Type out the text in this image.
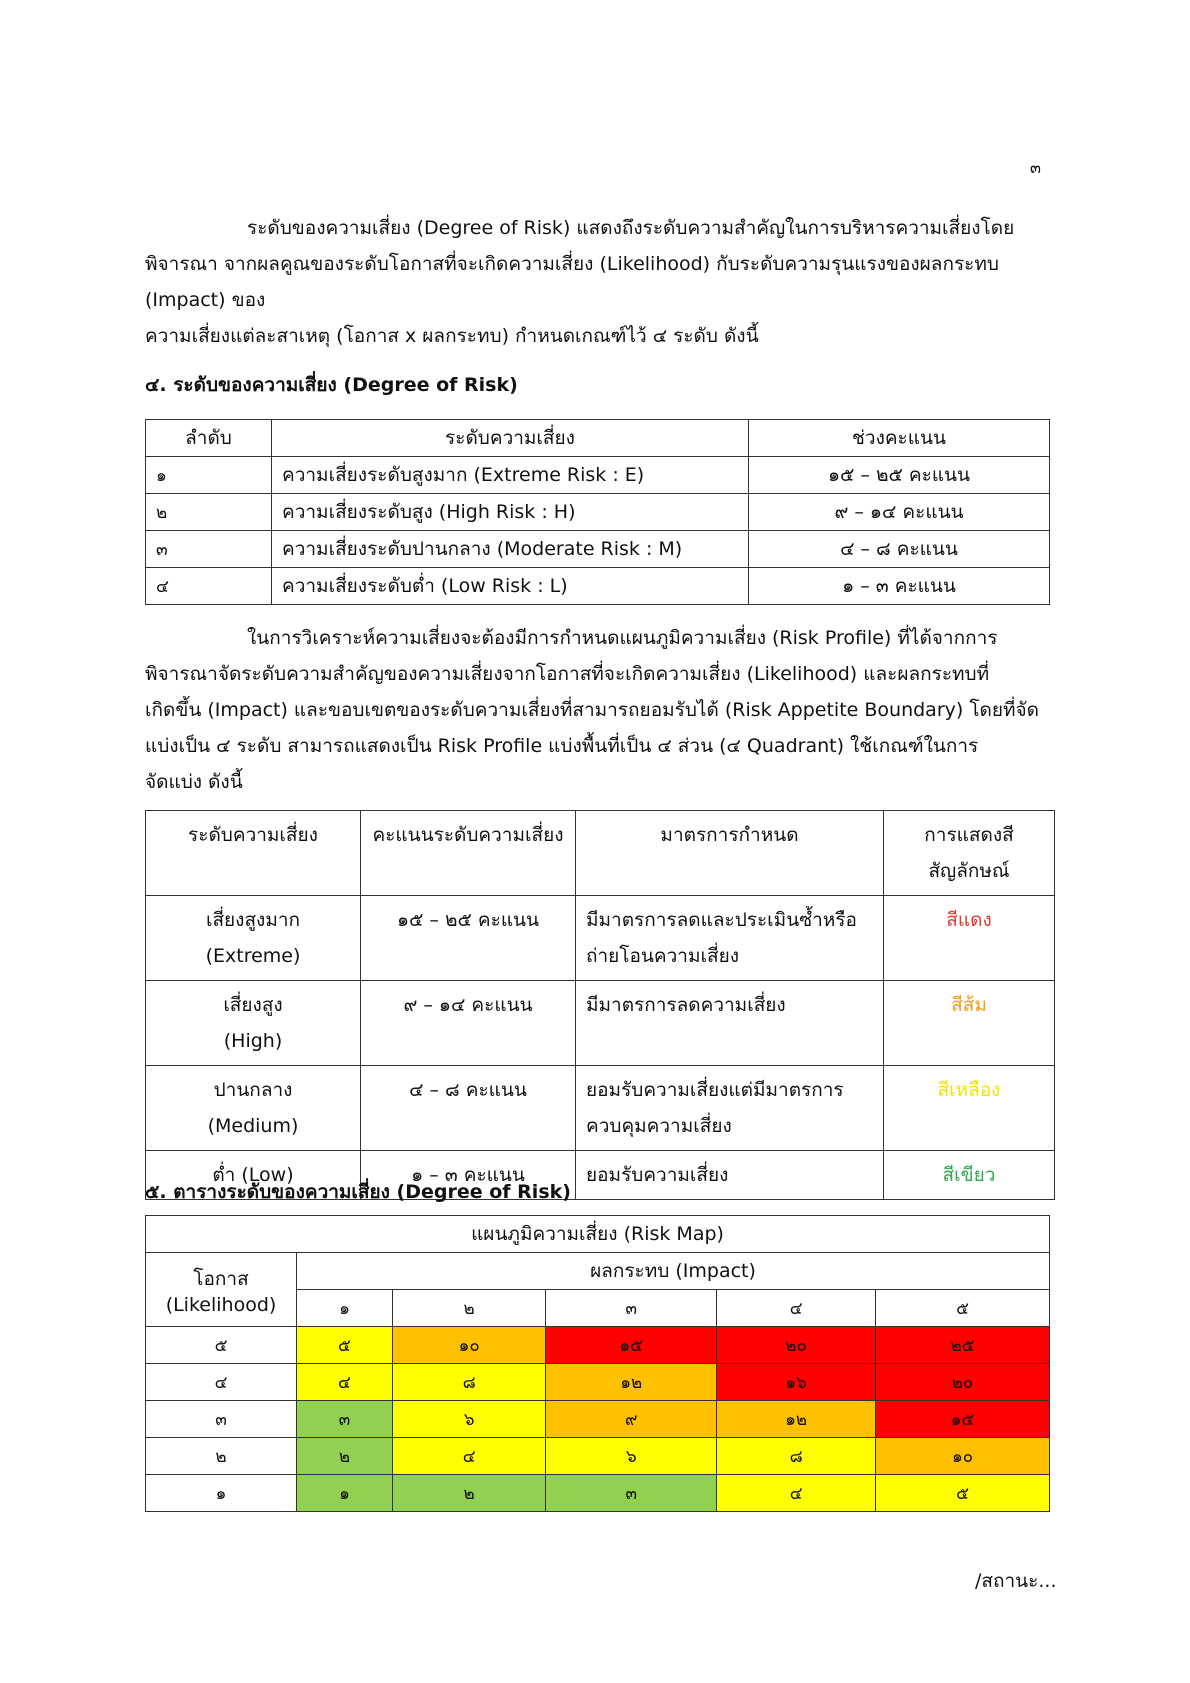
๓

ระดับของความเสี่ยง (Degree of Risk) แสดงถึงระดับความสำคัญในการบริหารความเสี่ยงโดย
พิจารณา จากผลคูณของระดับโอกาสที่จะเกิดความเสี่ยง (Likelihood) กับระดับความรุนแรงของผลกระทบ
(Impact) ของ
ความเสี่ยงแต่ละสาเหตุ (โอกาส x ผลกระทบ) กำหนดเกณฑ์ไว้ ๔ ระดับ ดังนี้

๔. ระดับของความเสี่ยง (Degree of Risk)
ลำดับ	ระดับความเสี่ยง	ช่วงคะแนน
๑	ความเสี่ยงระดับสูงมาก (Extreme Risk : E)	๑๕ – ๒๕ คะแนน
๒	ความเสี่ยงระดับสูง (High Risk : H)	๙ – ๑๔ คะแนน
๓	ความเสี่ยงระดับปานกลาง (Moderate Risk : M)	๔ – ๘ คะแนน
๔	ความเสี่ยงระดับต่ำ (Low Risk : L)	๑ – ๓ คะแนน

ในการวิเคราะห์ความเสี่ยงจะต้องมีการกำหนดแผนภูมิความเสี่ยง (Risk Profile) ที่ได้จากการ
พิจารณาจัดระดับความสำคัญของความเสี่ยงจากโอกาสที่จะเกิดความเสี่ยง (Likelihood) และผลกระทบที่
เกิดขึ้น (Impact) และขอบเขตของระดับความเสี่ยงที่สามารถยอมรับได้ (Risk Appetite Boundary) โดยที่จัด
แบ่งเป็น ๔ ระดับ สามารถแสดงเป็น Risk Profile แบ่งพื้นที่เป็น ๔ ส่วน (๔ Quadrant) ใช้เกณฑ์ในการ
จัดแบ่ง ดังนี้

ระดับความเสี่ยง	คะแนนระดับความเสี่ยง	มาตรการกำหนด	การแสดงสีสัญลักษณ์

เสี่ยงสูงมาก
(Extreme)	๑๕ – ๒๕ คะแนน	มีมาตรการลดและประเมินซ้ำหรือถ่ายโอนความเสี่ยง	สีแดง

เสี่ยงสูง
(High)	๙ – ๑๔ คะแนน	มีมาตรการลดความเสี่ยง	สีส้ม

ปานกลาง
(Medium)	๔ – ๘ คะแนน	ยอมรับความเสี่ยงแต่มีมาตรการควบคุมความเสี่ยง	สีเหลือง

ต่ำ (Low)	๑ – ๓ คะแนน	ยอมรับความเสี่ยง	สีเขียว
๕. ตารางระดับของความเสี่ยง (Degree of Risk)
แผนภูมิความเสี่ยง (Risk Map)					

โอกาส
(Likelihood)	ผลกระทบ (Impact)				
	๑	๒	๓	๔	๕
๕	๕	๑๐	๑๕	๒๐	๒๕
๔	๔	๘	๑๒	๑๖	๒๐
๓	๓	๖	๙	๑๒	๑๕
๒	๒	๔	๖	๘	๑๐
๑	๑	๒	๓	๔	๕
/สถานะ...
